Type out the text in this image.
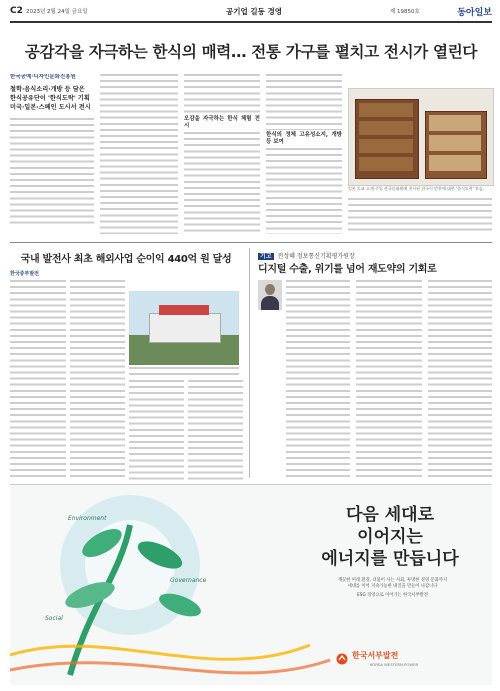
C2 2023년 2월 24일 금요일	공기업 길동 경영	제 19850호	동아일보
공감각을 자극하는 한식의 매력… 전통 가구를 펼치고 전시가 열린다
한국공예·디자인문화진흥원
철학·음식소리·개방 등 담은
한식공유단이 '한식도락' 기획
미국·일본·스페인 도시서 전시
오감을 자극하는 한식 체험 전시
한식의 정체 고유성소지, 개방 등 보여
일본 도쿄 소재 주일 한국문화원에 전시된 한국식 반찬에 대한 '한식도락' 모습.
국내 발전사 최초 해외사업 순이익 440억 원 달성
한국중부발전
기고 전성혜 정보통신기획평가원장
디지털 수출, 위기를 넘어 재도약의 기회로
Environment
Social
Governance
다음 세대로
이어지는
에너지를 만듭니다
깨끗한 미래 환경, 더불어 사는 사회, 투명한 경영 문화까지
세대를 이어 지속가능한 내일을 만들어 나갑니다
ESG 경영으로 이어가는 한국서부발전
한국서부발전
KOREA WESTERN POWER
